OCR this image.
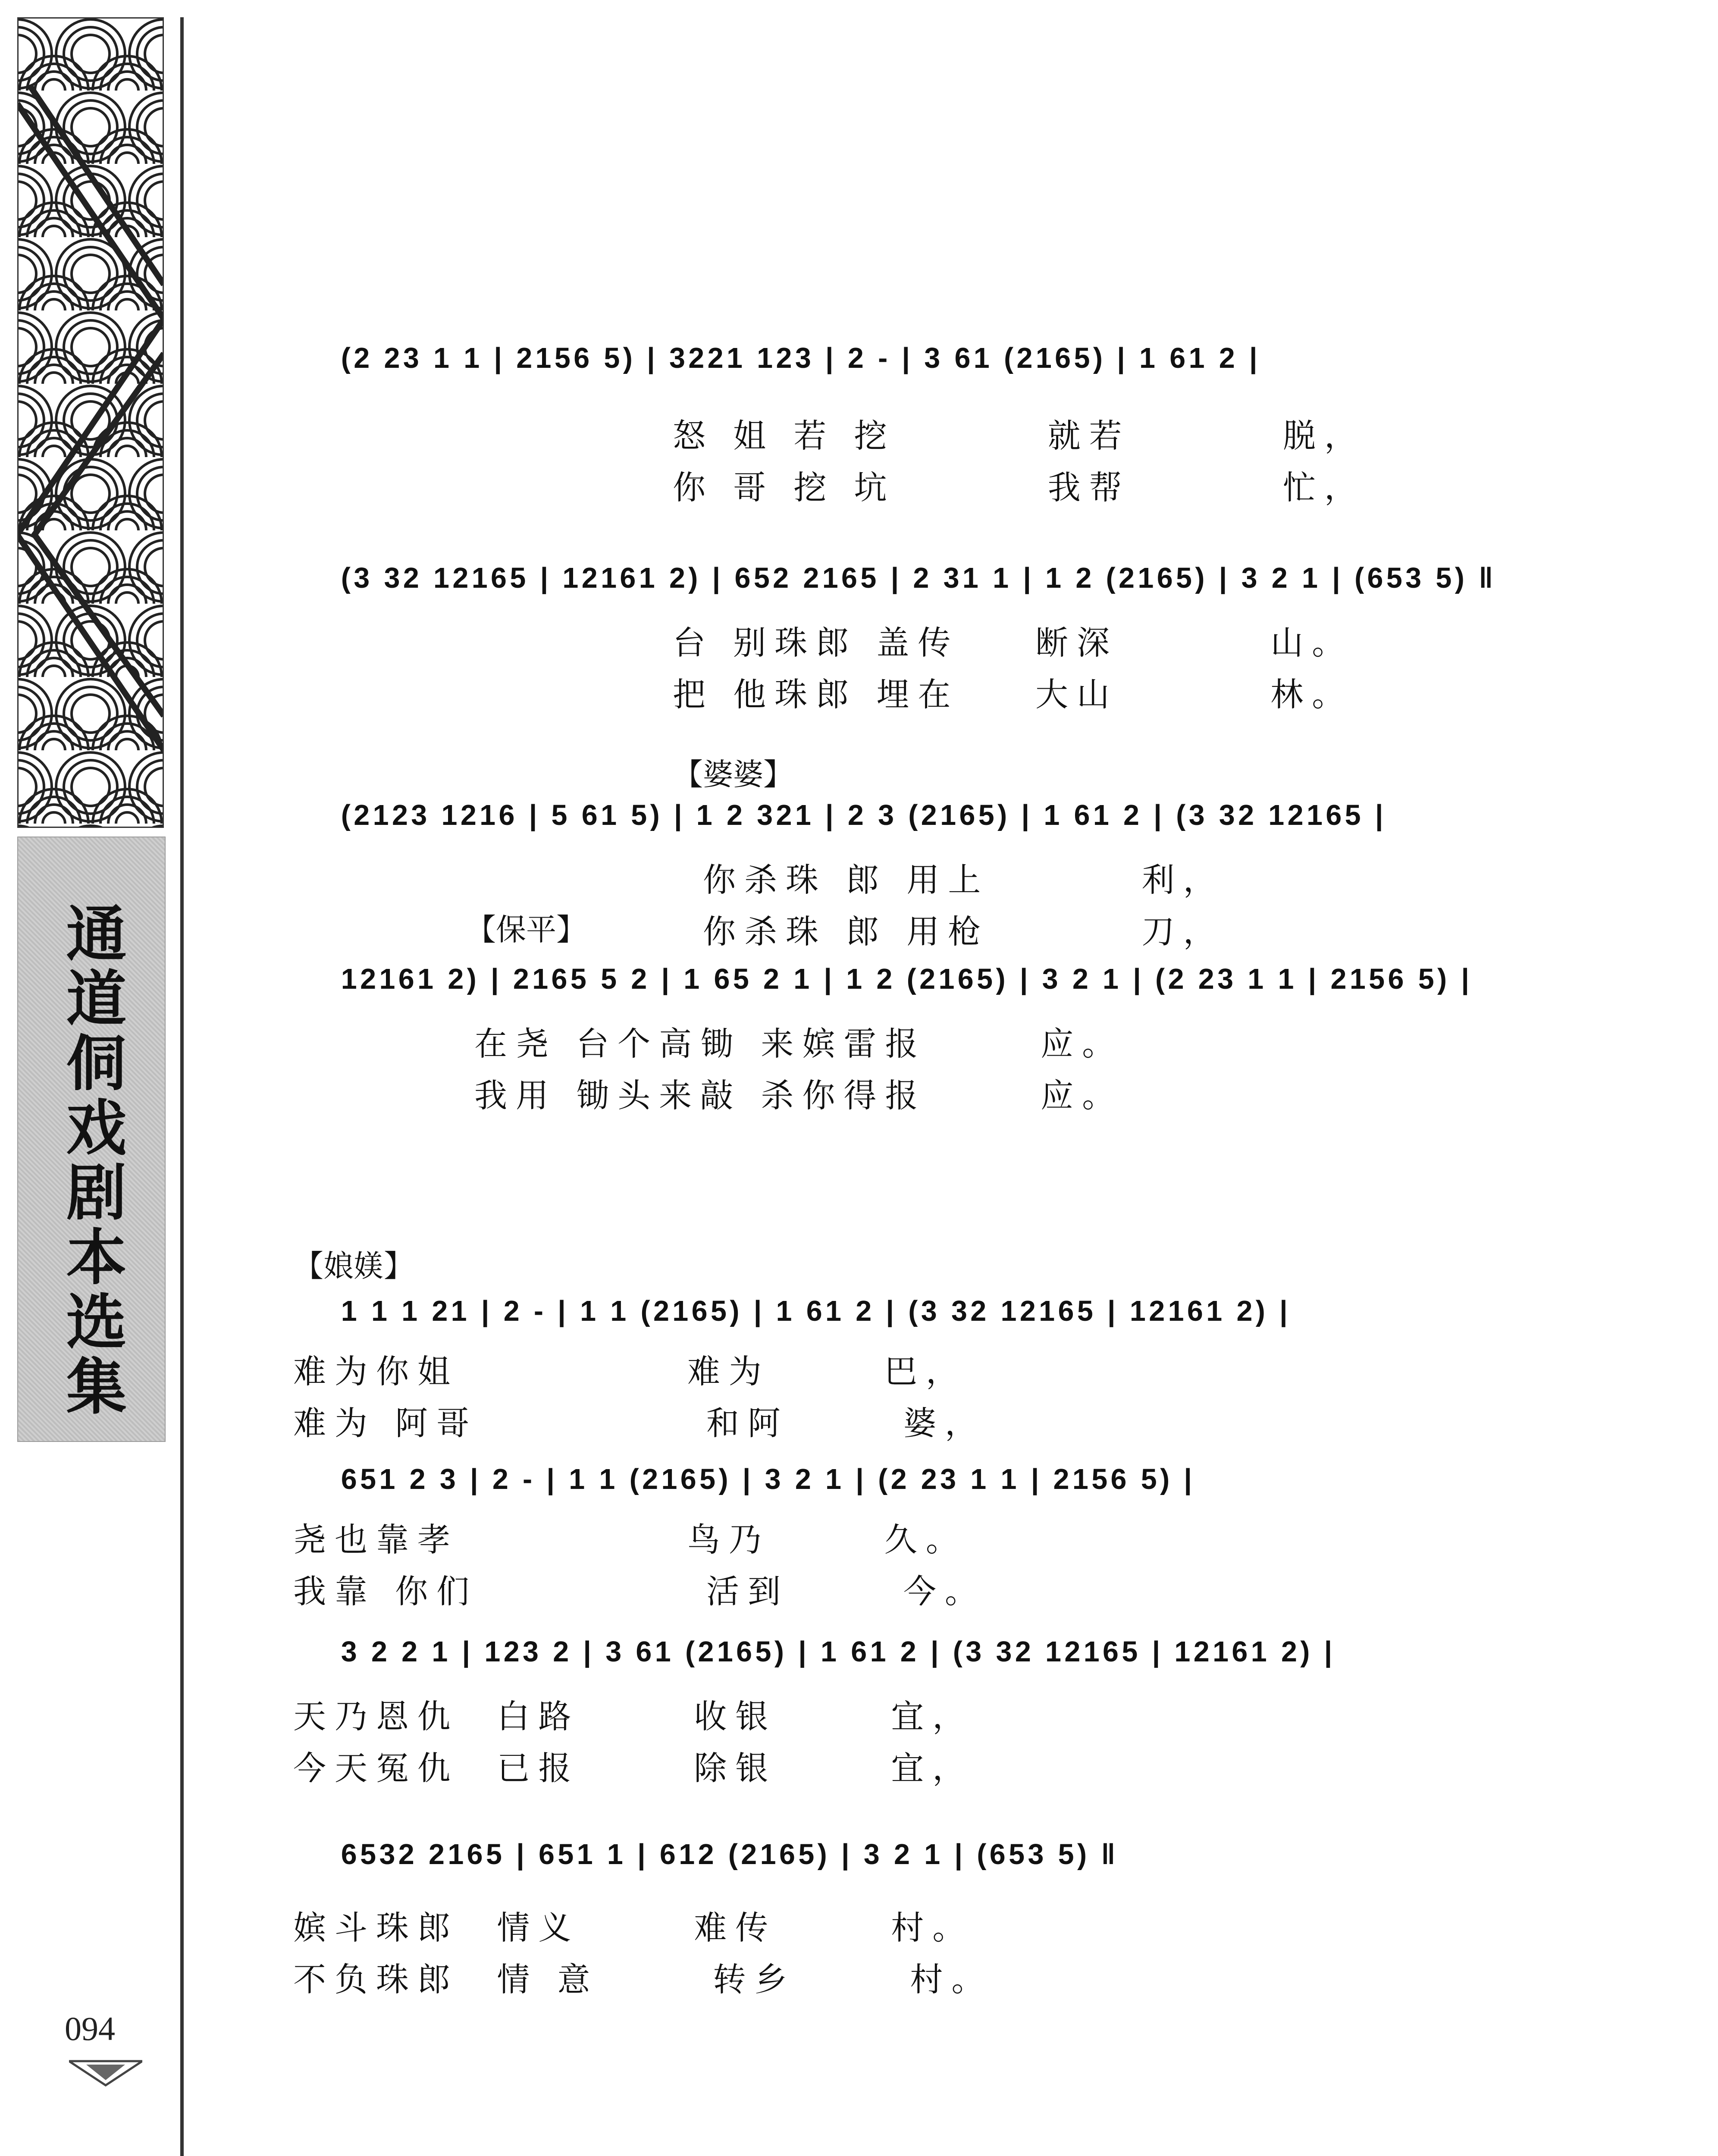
通道侗戏剧本选集
094
(2 23 1 1 | 2156 5) | 3221 123 | 2 - | 3 61 (2165) | 1 61 2 |
怒 姐 若 挖        就若        脱，
你 哥 挖 坑        我帮        忙，
(3 32 12165 | 12161 2) | 652 2165 | 2 31 1 | 1 2 (2165) | 3 2 1 | (653 5) ‖
台 别珠郎 盖传    断深        山。
把 他珠郎 埋在    大山        林。
【婆婆】
(2123 1216 | 5 61 5) | 1 2 321 | 2 3 (2165) | 1 61 2 | (3 32 12165 |
你杀珠 郎 用上        利，
【保平】	你杀珠 郎 用枪        刀，
12161 2) | 2165 5 2 | 1 65 2 1 | 1 2 (2165) | 3 2 1 | (2 23 1 1 | 2156 5) |
在尧 台个高锄 来嫔雷报      应。
我用 锄头来敲 杀你得报      应。
【娘媄】
1 1 1 21 | 2 - | 1 1 (2165) | 1 61 2 | (3 32 12165 | 12161 2) |
难为你姐            难为      巴，
难为 阿哥            和阿      婆，
651 2 3 | 2 - | 1 1 (2165) | 3 2 1 | (2 23 1 1 | 2156 5) |
尧也靠孝            鸟乃      久。
我靠 你们            活到      今。
3 2 2 1 | 123 2 | 3 61 (2165) | 1 61 2 | (3 32 12165 | 12161 2) |
天乃恩仇  白路      收银      宜，
今天冤仇  已报      除银      宜，
6532 2165 | 651 1 | 612 (2165) | 3 2 1 | (653 5) ‖
嫔斗珠郎  情义      难传      村。
不负珠郎  情 意      转乡      村。
